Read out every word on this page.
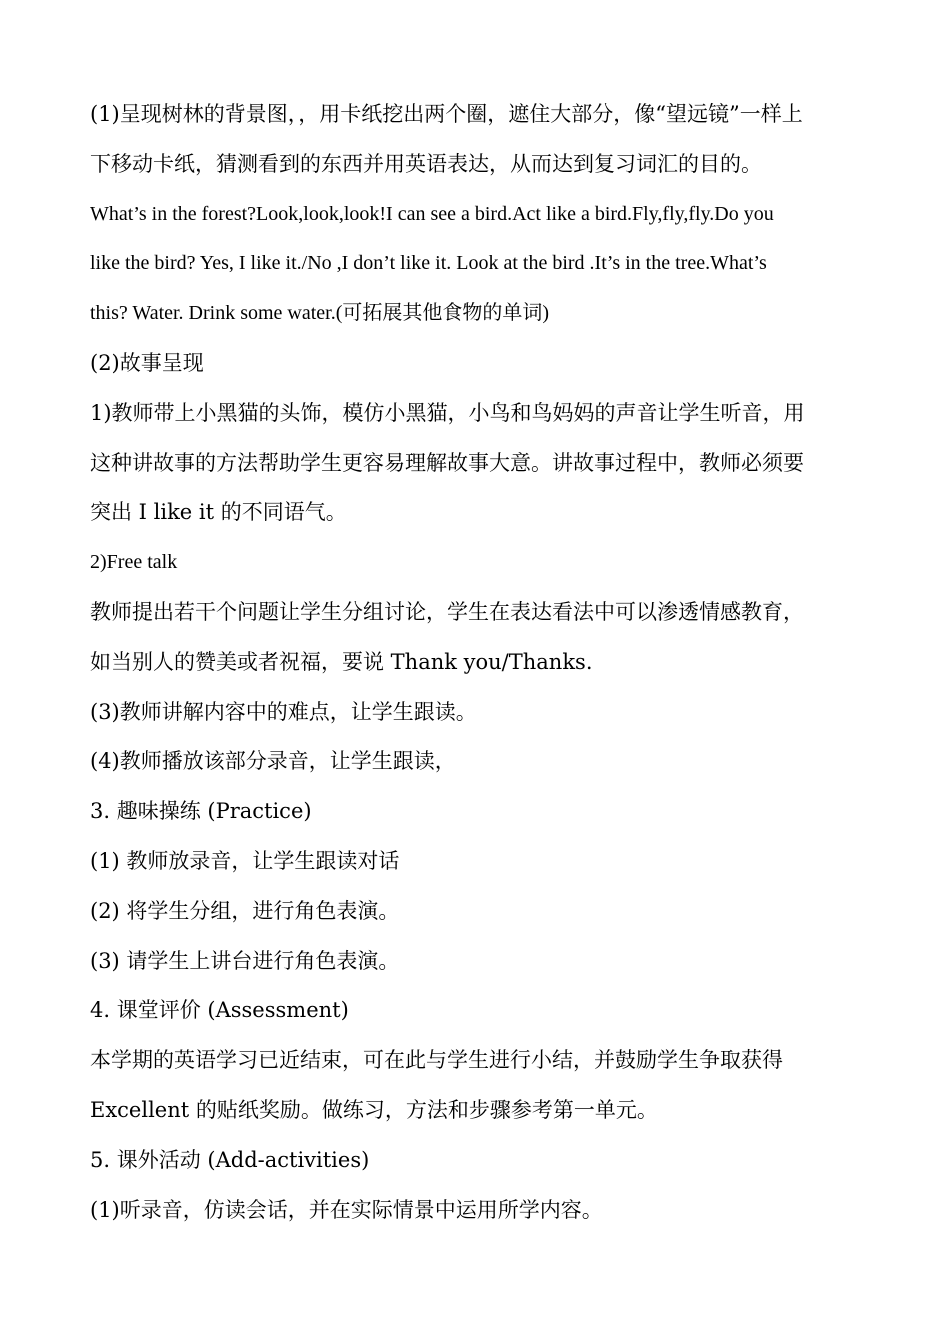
(1)呈现树林的背景图，，用卡纸挖出两个圈，遮住大部分，像“望远镜”一样上
下移动卡纸，猜测看到的东西并用英语表达，从而达到复习词汇的目的。
What’s in the forest?Look,look,look!I can see a bird.Act like a bird.Fly,fly,fly.Do you
like the bird? Yes, I like it./No ,I don’t like it. Look at the bird .It’s in the tree.What’s
this? Water. Drink some water.(可拓展其他食物的单词)
(2)故事呈现
1)教师带上小黑猫的头饰，模仿小黑猫，小鸟和鸟妈妈的声音让学生听音，用
这种讲故事的方法帮助学生更容易理解故事大意。讲故事过程中，教师必须要
突出 I like it 的不同语气。
2)Free talk
教师提出若干个问题让学生分组讨论，学生在表达看法中可以渗透情感教育，
如当别人的赞美或者祝福，要说 Thank you/Thanks.
(3)教师讲解内容中的难点，让学生跟读。
(4)教师播放该部分录音，让学生跟读，
3. 趣味操练 (Practice)
(1) 教师放录音，让学生跟读对话
(2) 将学生分组，进行角色表演。
(3) 请学生上讲台进行角色表演。
4. 课堂评价 (Assessment)
本学期的英语学习已近结束，可在此与学生进行小结，并鼓励学生争取获得
Excellent 的贴纸奖励。做练习，方法和步骤参考第一单元。
5. 课外活动 (Add-activities)
(1)听录音，仿读会话，并在实际情景中运用所学内容。
